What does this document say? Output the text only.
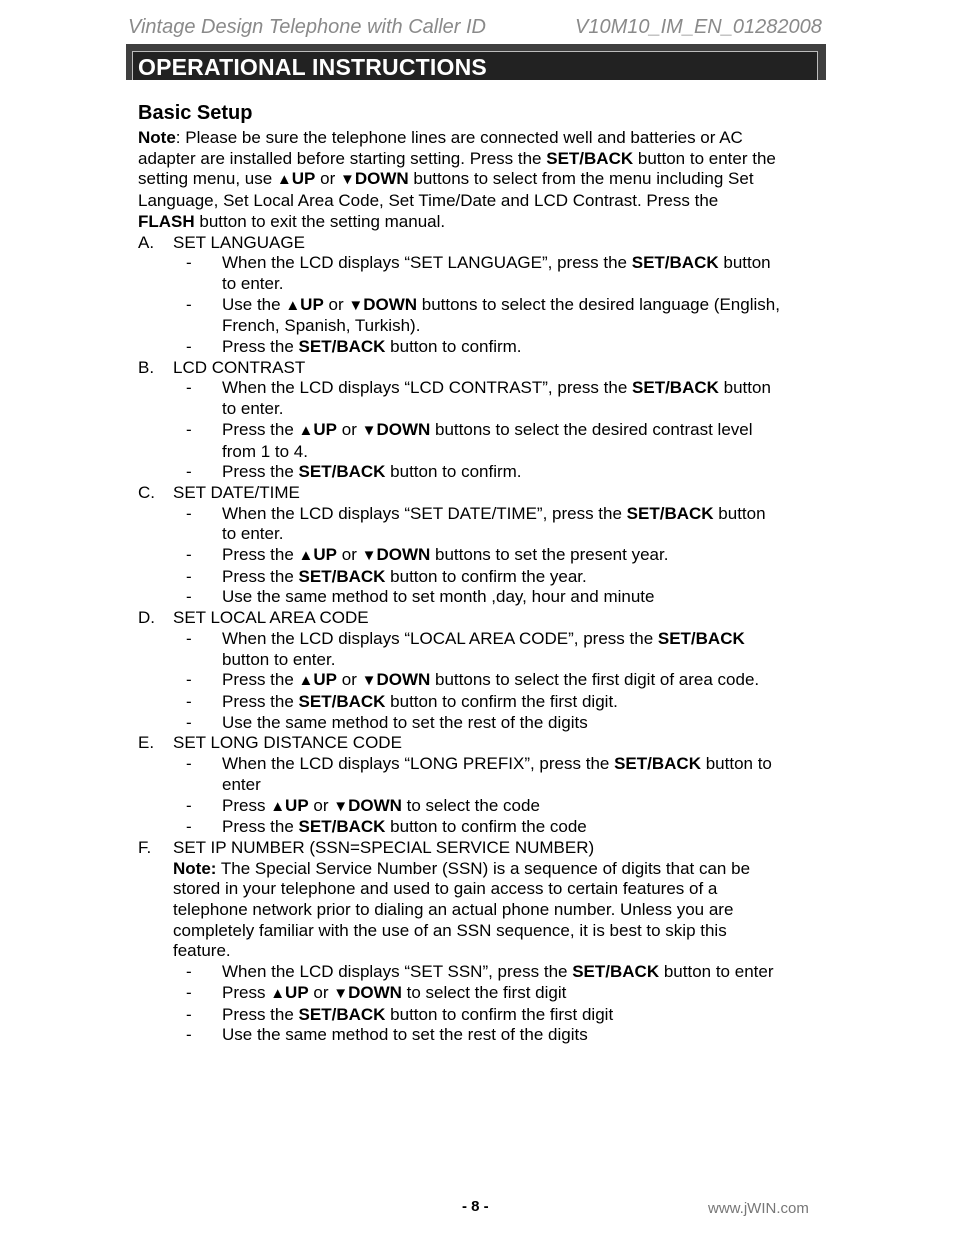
Vintage Design Telephone with Caller ID	V10M10_IM_EN_01282008
OPERATIONAL INSTRUCTIONS
Basic Setup

Note: Please be sure the telephone lines are connected well and batteries or AC

adapter are installed before starting setting. Press the SET/BACK button to enter the

setting menu, use ▲UP or ▼DOWN buttons to select from the menu including Set

Language, Set Local Area Code, Set Time/Date and LCD Contrast. Press the

FLASH button to exit the setting manual.

A. SET LANGUAGE
- When the LCD displays “SET LANGUAGE”, press the SET/BACK button
to enter.
- Use the ▲UP or ▼DOWN buttons to select the desired language (English,
French, Spanish, Turkish).
- Press the SET/BACK button to confirm.
B. LCD CONTRAST
- When the LCD displays “LCD CONTRAST”, press the SET/BACK button
to enter.
- Press the ▲UP or ▼DOWN buttons to select the desired contrast level
from 1 to 4.
- Press the SET/BACK button to confirm.
C. SET DATE/TIME
- When the LCD displays “SET DATE/TIME”, press the SET/BACK button
to enter.
- Press the ▲UP or ▼DOWN buttons to set the present year.
- Press the SET/BACK button to confirm the year.
- Use the same method to set month ,day, hour and minute
D. SET LOCAL AREA CODE
- When the LCD displays “LOCAL AREA CODE”, press the SET/BACK
button to enter.
- Press the ▲UP or ▼DOWN buttons to select the first digit of area code.
- Press the SET/BACK button to confirm the first digit.
- Use the same method to set the rest of the digits
E. SET LONG DISTANCE CODE
- When the LCD displays “LONG PREFIX”, press the SET/BACK button to
enter
- Press ▲UP or ▼DOWN to select the code
- Press the SET/BACK button to confirm the code
F. SET IP NUMBER (SSN=SPECIAL SERVICE NUMBER)
Note: The Special Service Number (SSN) is a sequence of digits that can be
stored in your telephone and used to gain access to certain features of a
telephone network prior to dialing an actual phone number. Unless you are
completely familiar with the use of an SSN sequence, it is best to skip this
feature.
- When the LCD displays “SET SSN”, press the SET/BACK button to enter
- Press ▲UP or ▼DOWN to select the first digit
- Press the SET/BACK button to confirm the first digit
- Use the same method to set the rest of the digits
- 8 -	www.jWIN.com
